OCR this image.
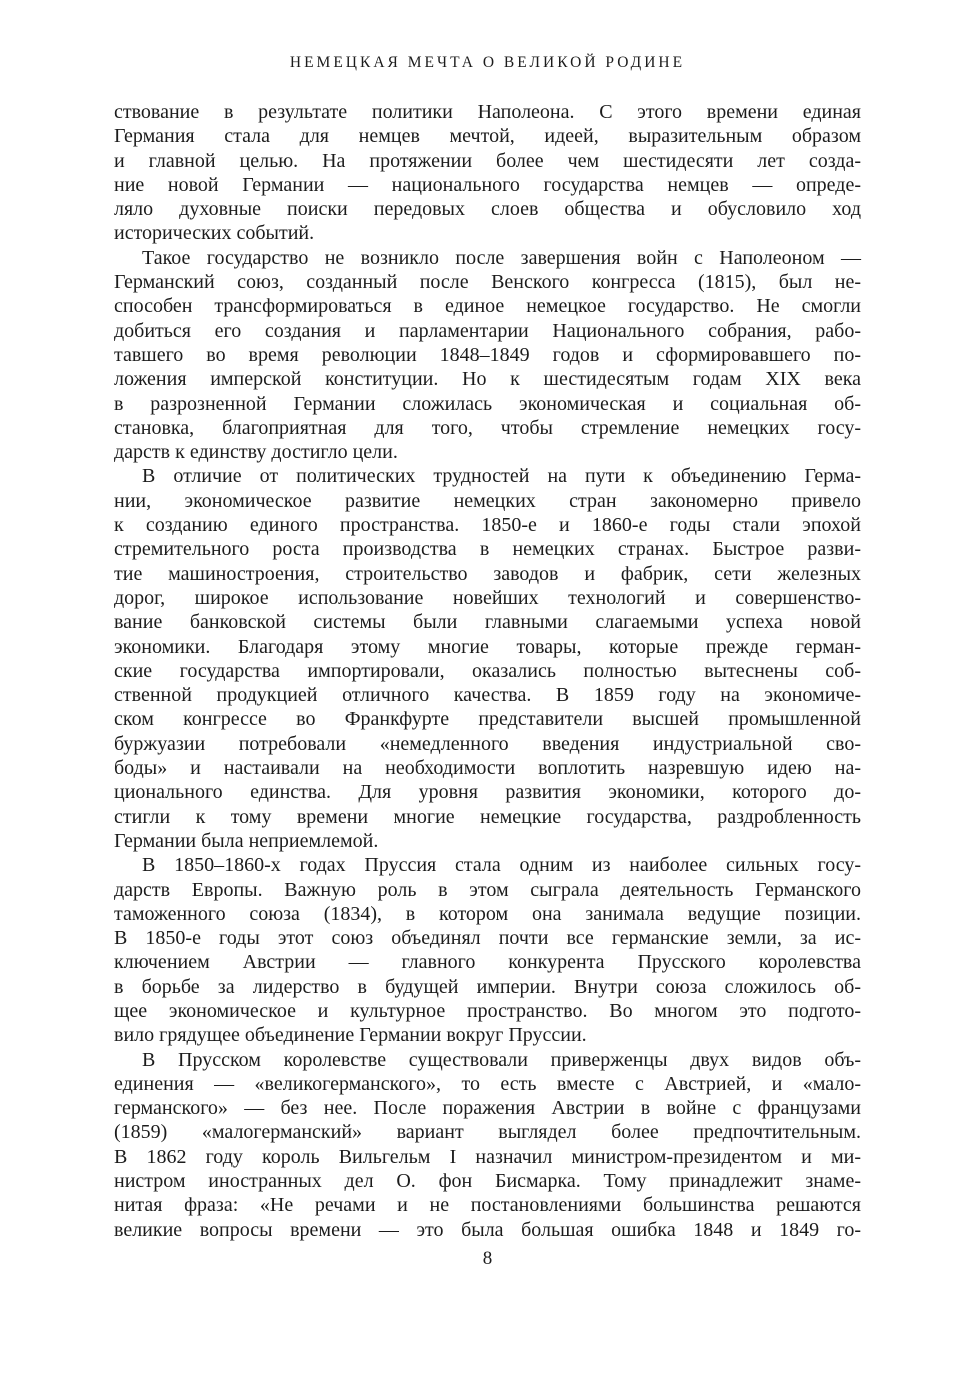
НЕМЕЦКАЯ МЕЧТА О ВЕЛИКОЙ РОДИНЕ
ствование в результате политики Наполеона. С этого времени единая
Германия стала для немцев мечтой, идеей, выразительным образом
и главной целью. На протяжении более чем шестидесяти лет созда-
ние новой Германии — национального государства немцев — опреде-
ляло духовные поиски передовых слоев общества и обусловило ход
исторических событий.
Такое государство не возникло после завершения войн с Наполеоном —
Германский союз, созданный после Венского конгресса (1815), был не-
способен трансформироваться в единое немецкое государство. Не смогли
добиться его создания и парламентарии Национального собрания, рабо-
тавшего во время революции 1848–1849 годов и сформировавшего по-
ложения имперской конституции. Но к шестидесятым годам XIX века
в разрозненной Германии сложилась экономическая и социальная об-
становка, благоприятная для того, чтобы стремление немецких госу-
дарств к единству достигло цели.
В отличие от политических трудностей на пути к объединению Герма-
нии, экономическое развитие немецких стран закономерно привело
к созданию единого пространства. 1850-е и 1860-е годы стали эпохой
стремительного роста производства в немецких странах. Быстрое разви-
тие машиностроения, строительство заводов и фабрик, сети железных
дорог, широкое использование новейших технологий и совершенство-
вание банковской системы были главными слагаемыми успеха новой
экономики. Благодаря этому многие товары, которые прежде герман-
ские государства импортировали, оказались полностью вытеснены соб-
ственной продукцией отличного качества. В 1859 году на экономиче-
ском конгрессе во Франкфурте представители высшей промышленной
буржуазии потребовали «немедленного введения индустриальной сво-
боды» и настаивали на необходимости воплотить назревшую идею на-
ционального единства. Для уровня развития экономики, которого до-
стигли к тому времени многие немецкие государства, раздробленность
Германии была неприемлемой.
В 1850–1860-х годах Пруссия стала одним из наиболее сильных госу-
дарств Европы. Важную роль в этом сыграла деятельность Германского
таможенного союза (1834), в котором она занимала ведущие позиции.
В 1850-е годы этот союз объединял почти все германские земли, за ис-
ключением Австрии — главного конкурента Прусского королевства
в борьбе за лидерство в будущей империи. Внутри союза сложилось об-
щее экономическое и культурное пространство. Во многом это подгото-
вило грядущее объединение Германии вокруг Пруссии.
В Прусском королевстве существовали приверженцы двух видов объ-
единения — «великогерманского», то есть вместе с Австрией, и «мало-
германского» — без нее. После поражения Австрии в войне с французами
(1859) «малогерманский» вариант выглядел более предпочтительным.
В 1862 году король Вильгельм I назначил министром-президентом и ми-
нистром иностранных дел О. фон Бисмарка. Тому принадлежит знаме-
нитая фраза: «Не речами и не постановлениями большинства решаются
великие вопросы времени — это была большая ошибка 1848 и 1849 го-
8
